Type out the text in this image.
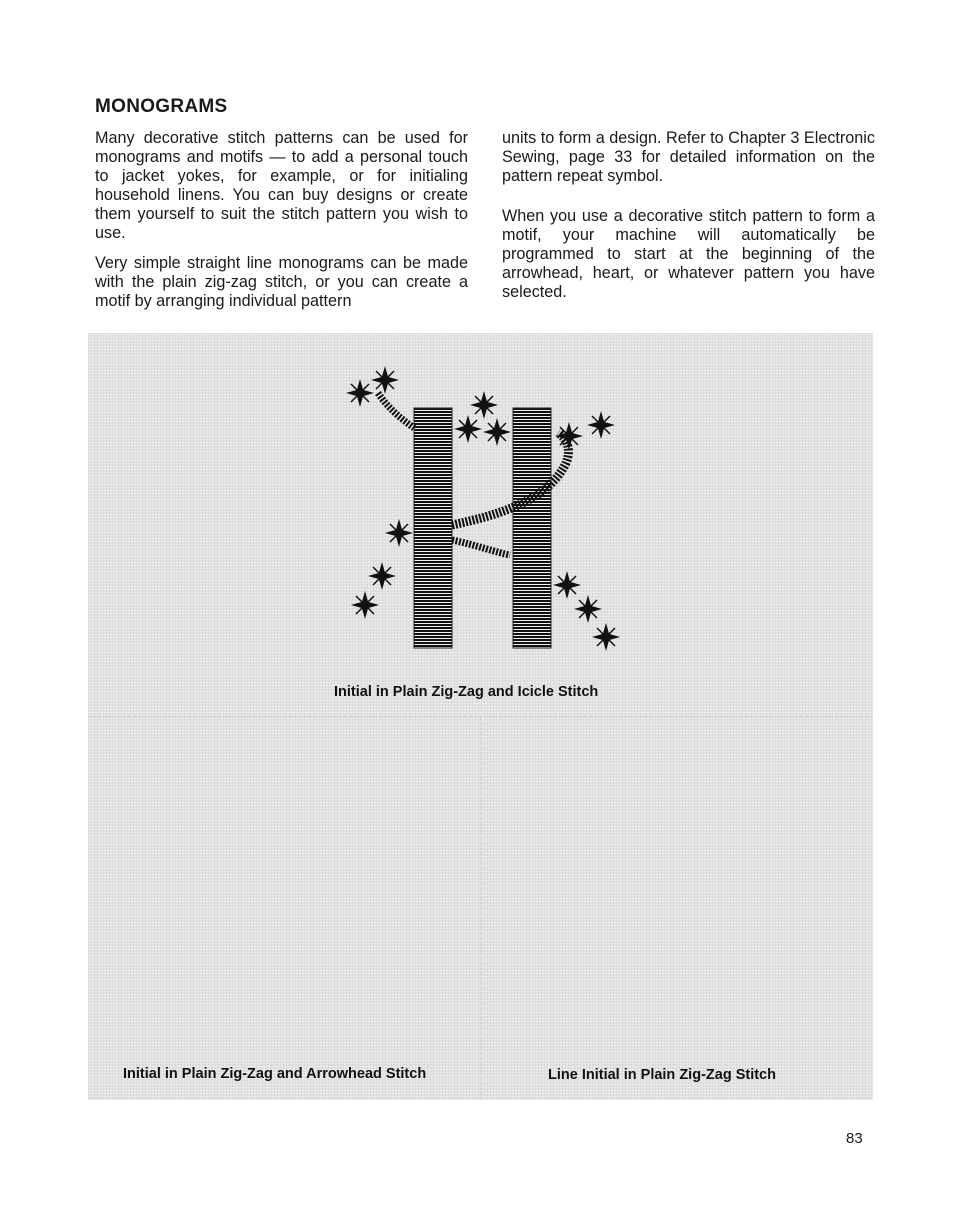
MONOGRAMS

Many decorative stitch patterns can be used for monograms and motifs — to add a personal touch to jacket yokes, for example, or for initialing household linens. You can buy designs or create them yourself to suit the stitch pattern you wish to use.

Very simple straight line monograms can be made with the plain zig-zag stitch, or you can create a motif by arranging individual pattern

units to form a design. Refer to Chapter 3 Electronic Sewing, page 33 for detailed information on the pattern repeat symbol.

When you use a decorative stitch pattern to form a motif, your machine will automatically be programmed to start at the beginning of the arrowhead, heart, or whatever pattern you have selected.

Initial in Plain Zig-Zag and Icicle Stitch

Initial in Plain Zig-Zag and Arrowhead Stitch	Line Initial in Plain Zig-Zag Stitch

83
